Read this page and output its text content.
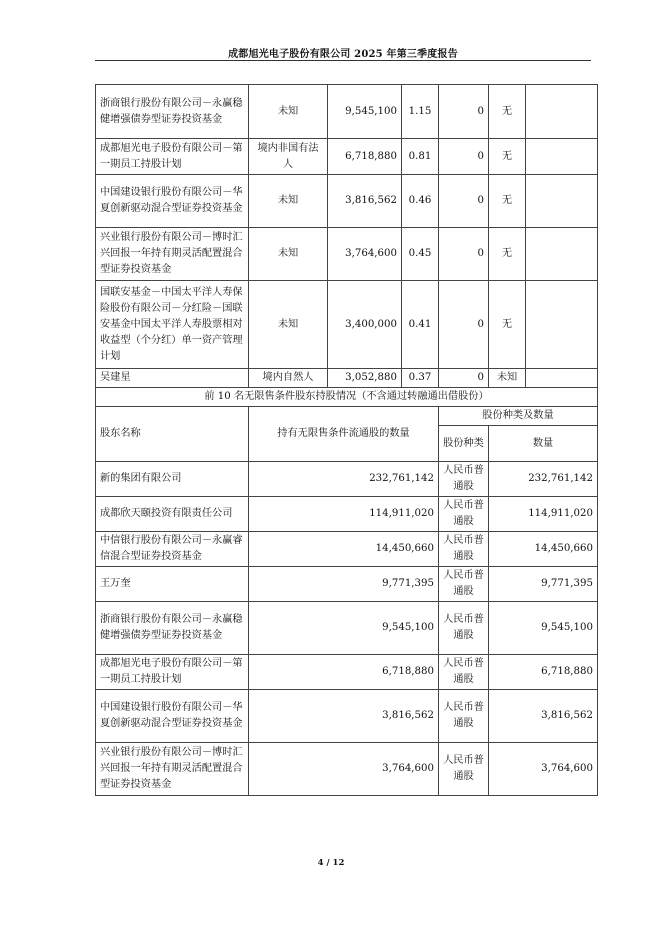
成都旭光电子股份有限公司 2025 年第三季度报告
浙商银行股份有限公司－永赢稳健增强债券型证券投资基金	未知	9,545,100	1.15	0	无	
成都旭光电子股份有限公司－第一期员工持股计划	境内非国有法人	6,718,880	0.81	0	无	
中国建设银行股份有限公司－华夏创新驱动混合型证券投资基金	未知	3,816,562	0.46	0	无	
兴业银行股份有限公司－博时汇兴回报一年持有期灵活配置混合型证券投资基金	未知	3,764,600	0.45	0	无	
国联安基金－中国太平洋人寿保险股份有限公司－分红险－国联安基金中国太平洋人寿股票相对收益型（个分红）单一资产管理计划	未知	3,400,000	0.41	0	无	
吴建星	境内自然人	3,052,880	0.37	0	未知	
前 10 名无限售条件股东持股情况（不含通过转融通出借股份）						
股东名称	持有无限售条件流通股的数量			股份种类及数量		
				股份种类	数量	
新的集团有限公司	232,761,142			人民币普通股	232,761,142	
成都欣天颐投资有限责任公司	114,911,020			人民币普通股	114,911,020	
中信银行股份有限公司－永赢睿信混合型证券投资基金	14,450,660			人民币普通股	14,450,660	
王万奎	9,771,395			人民币普通股	9,771,395	
浙商银行股份有限公司－永赢稳健增强债券型证券投资基金	9,545,100			人民币普通股	9,545,100	
成都旭光电子股份有限公司－第一期员工持股计划	6,718,880			人民币普通股	6,718,880	
中国建设银行股份有限公司－华夏创新驱动混合型证券投资基金	3,816,562			人民币普通股	3,816,562	
兴业银行股份有限公司－博时汇兴回报一年持有期灵活配置混合型证券投资基金	3,764,600			人民币普通股	3,764,600	
4 / 12
